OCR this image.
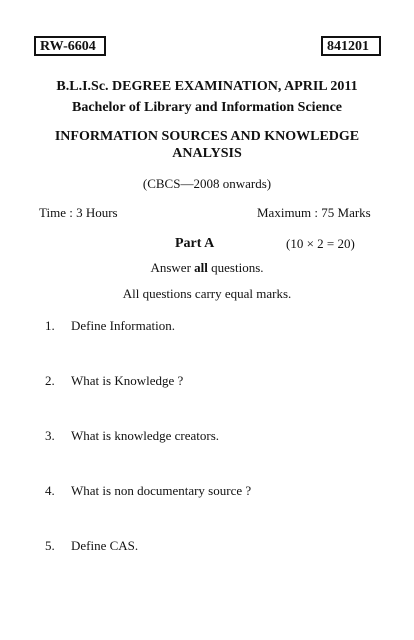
RW-6604	841201
B.L.I.Sc. DEGREE EXAMINATION, APRIL 2011
Bachelor of Library and Information Science
INFORMATION SOURCES AND KNOWLEDGE
ANALYSIS
(CBCS—2008 onwards)
Time : 3 Hours	Maximum : 75 Marks
Part A	(10 × 2 = 20)
Answer all questions.
All questions carry equal marks.
1. Define Information.
2. What is Knowledge ?
3. What is knowledge creators.
4. What is non documentary source ?
5. Define CAS.
